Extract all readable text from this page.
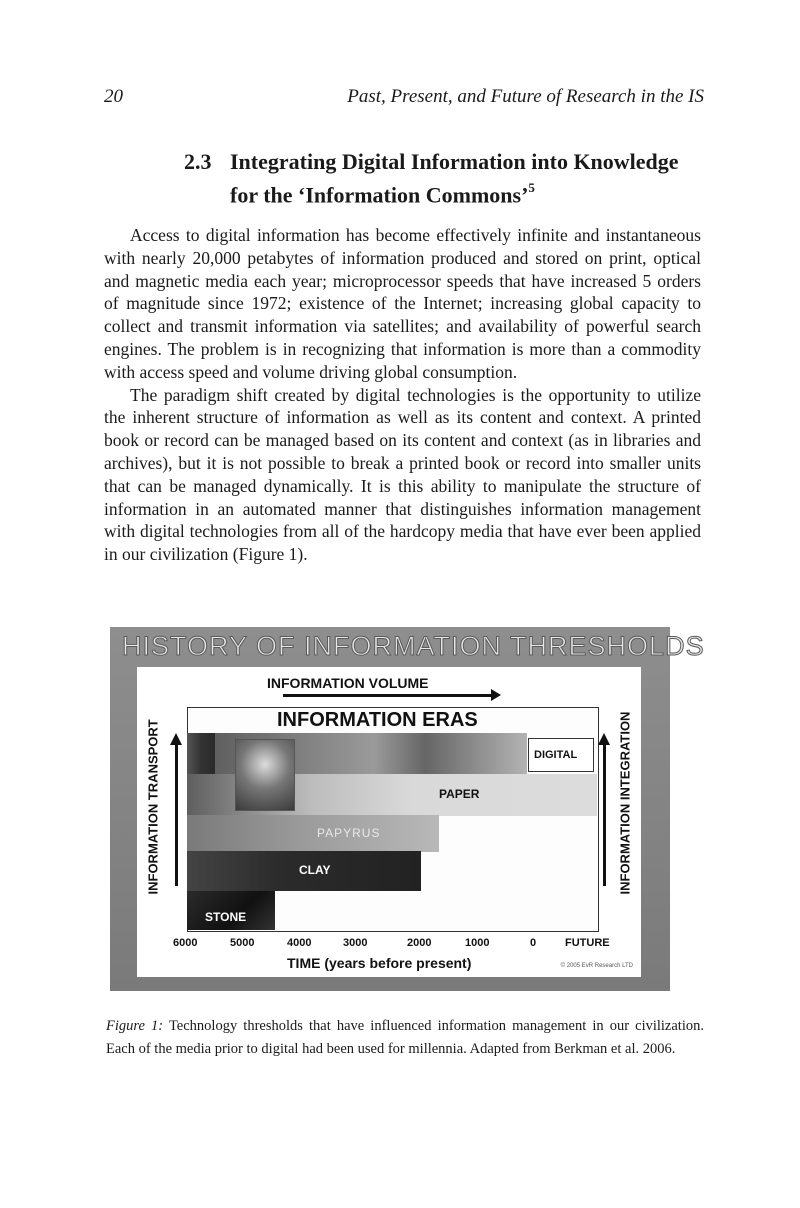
20	Past, Present, and Future of Research in the IS
2.3 Integrating Digital Information into Knowledge
for the ‘Information Commons’$^5$

Access to digital information has become effectively infinite and instantaneous with nearly 20,000 petabytes of information produced and stored on print, optical and magnetic media each year; microprocessor speeds that have increased 5 orders of magnitude since 1972; existence of the Internet; increasing global capacity to collect and transmit information via satellites; and availability of powerful search engines. The problem is in recognizing that information is more than a commodity with access speed and volume driving global consumption.

The paradigm shift created by digital technologies is the opportunity to utilize the inherent structure of information as well as its content and context. A printed book or record can be managed based on its content and context (as in libraries and archives), but it is not possible to break a printed book or record into smaller units that can be managed dynamically. It is this ability to manipulate the structure of information in an automated manner that distinguishes information management with digital technologies from all of the hardcopy media that have ever been applied in our civilization (Figure 1).

HISTORY OF INFORMATION THRESHOLDS
INFORMATION VOLUME
PAPER
PAPYRUS
CLAY
STONE
DIGITAL
INFORMATION ERAS
INFORMATION TRANSPORT	INFORMATION INTEGRATION
6000	5000	4000	3000	2000	1000	0	FUTURE
TIME (years before present)	© 2005 EvR Research LTD
Figure 1: Technology thresholds that have influenced information management in our civilization. Each of the media prior to digital had been used for millennia. Adapted from Berkman et al. 2006.
